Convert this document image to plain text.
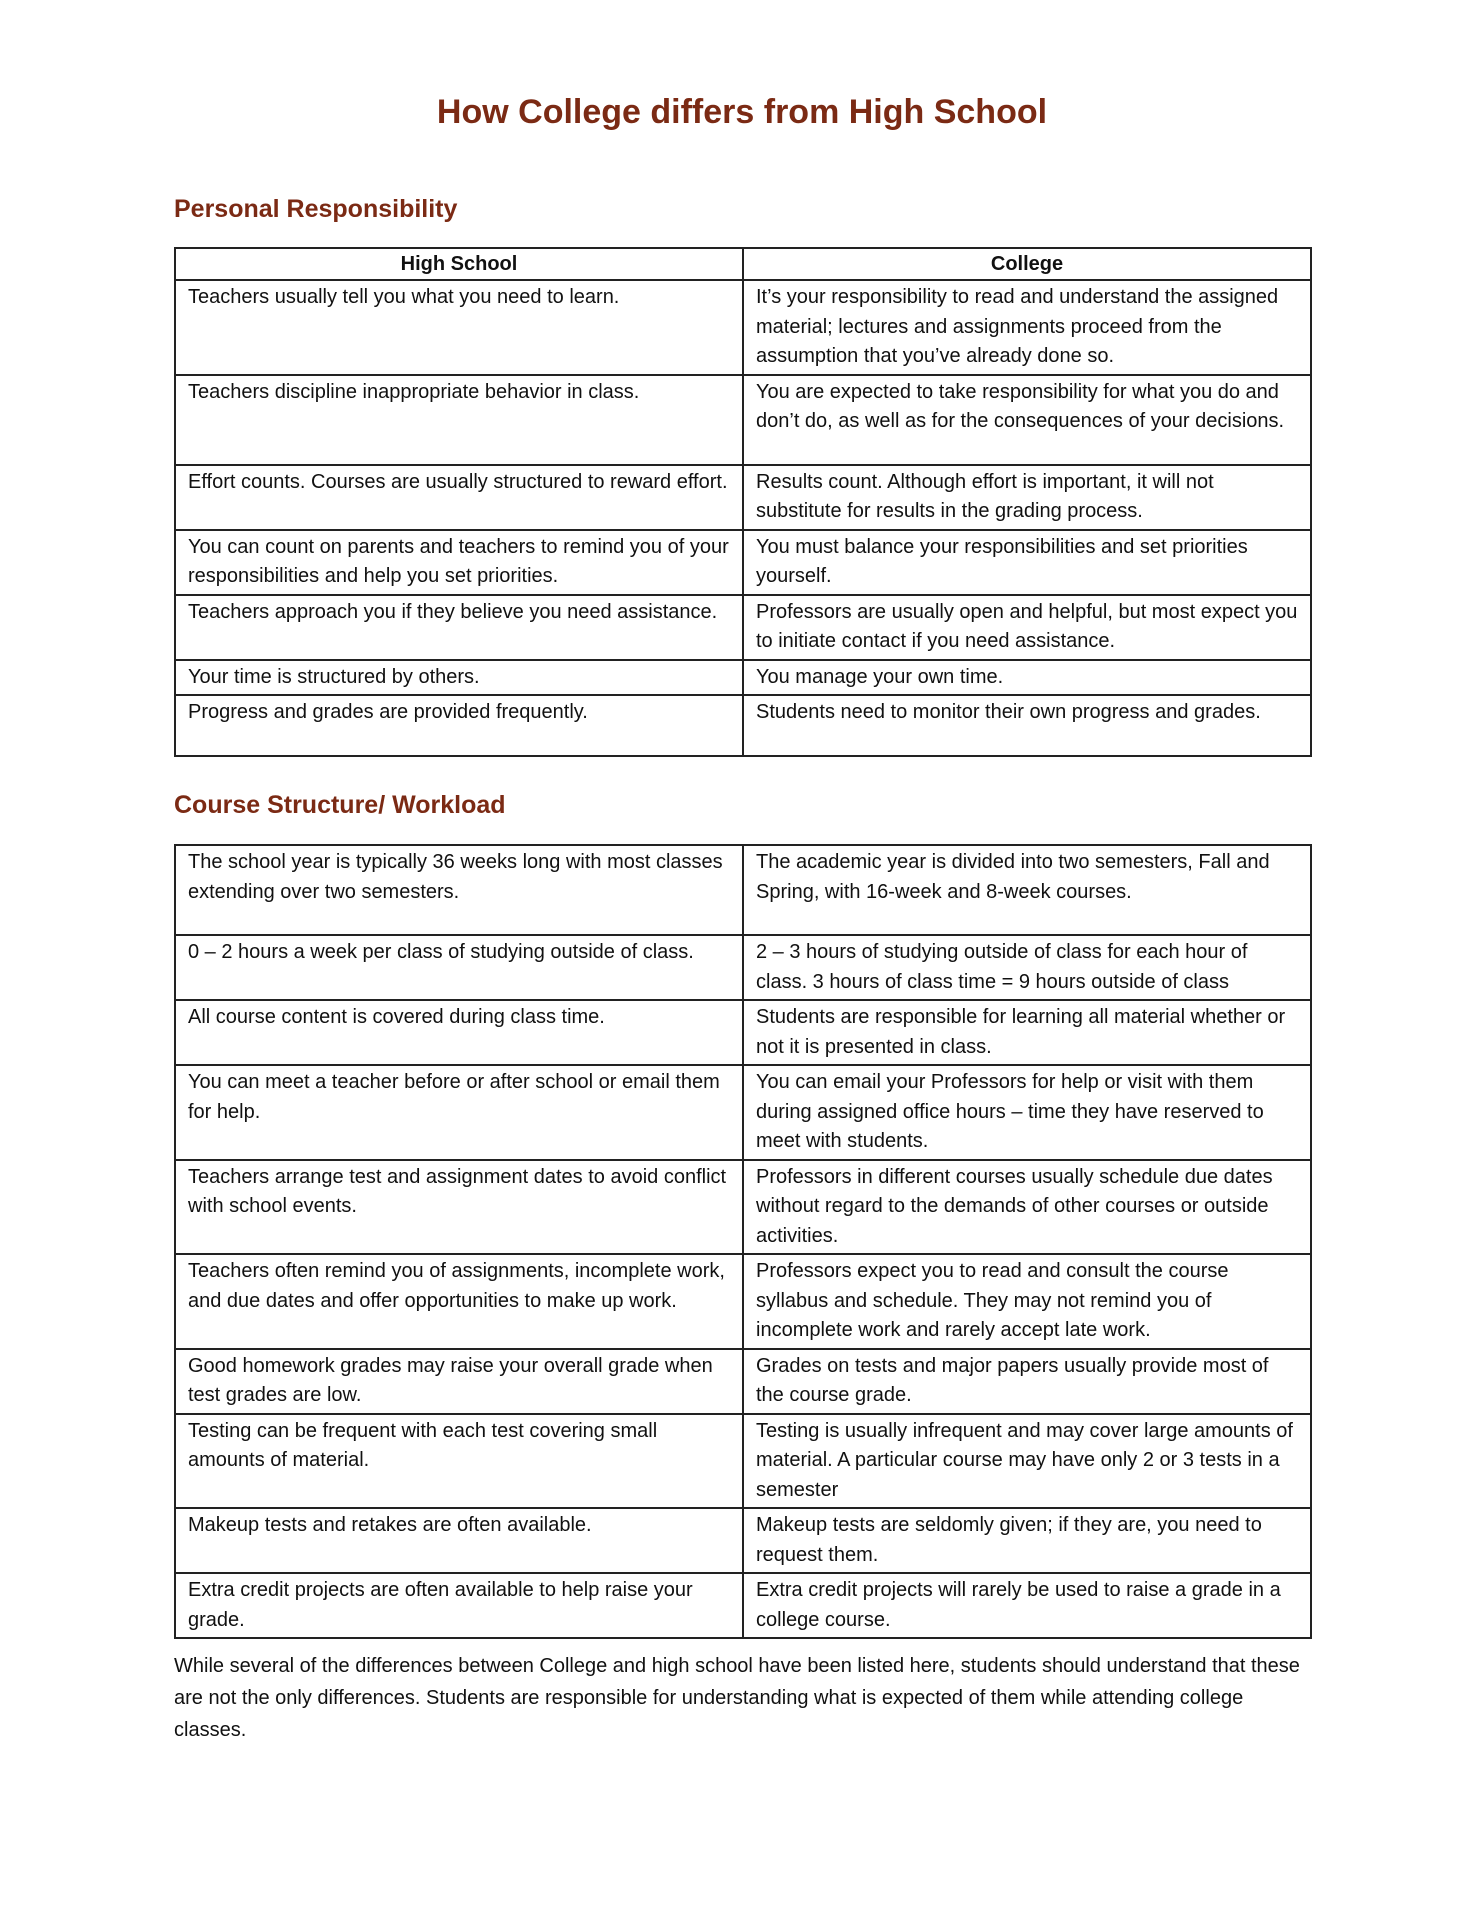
How College differs from High School
Personal Responsibility
High School	College
Teachers usually tell you what you need to learn.	It’s your responsibility to read and understand the assigned material; lectures and assignments proceed from the assumption that you’ve already done so.
Teachers discipline inappropriate behavior in class.	You are expected to take responsibility for what you do and don’t do, as well as for the consequences of your decisions.
Effort counts. Courses are usually structured to reward effort.	Results count. Although effort is important, it will not substitute for results in the grading process.
You can count on parents and teachers to remind you of your responsibilities and help you set priorities.	You must balance your responsibilities and set priorities yourself.
Teachers approach you if they believe you need assistance.	Professors are usually open and helpful, but most expect you to initiate contact if you need assistance.
Your time is structured by others.	You manage your own time.
Progress and grades are provided frequently.	Students need to monitor their own progress and grades.
Course Structure/ Workload
The school year is typically 36 weeks long with most classes extending over two semesters.	The academic year is divided into two semesters, Fall and Spring, with 16-week and 8-week courses.
0 – 2 hours a week per class of studying outside of class.	2 – 3 hours of studying outside of class for each hour of class. 3 hours of class time = 9 hours outside of class
All course content is covered during class time.	Students are responsible for learning all material whether or not it is presented in class.
You can meet a teacher before or after school or email them for help.	You can email your Professors for help or visit with them during assigned office hours – time they have reserved to meet with students.
Teachers arrange test and assignment dates to avoid conflict with school events.	Professors in different courses usually schedule due dates without regard to the demands of other courses or outside activities.
Teachers often remind you of assignments, incomplete work, and due dates and offer opportunities to make up work.	Professors expect you to read and consult the course syllabus and schedule. They may not remind you of incomplete work and rarely accept late work.
Good homework grades may raise your overall grade when test grades are low.	Grades on tests and major papers usually provide most of the course grade.
Testing can be frequent with each test covering small amounts of material.	Testing is usually infrequent and may cover large amounts of material. A particular course may have only 2 or 3 tests in a semester
Makeup tests and retakes are often available.	Makeup tests are seldomly given; if they are, you need to request them.
Extra credit projects are often available to help raise your grade.	Extra credit projects will rarely be used to raise a grade in a college course.

While several of the differences between College and high school have been listed here, students should understand that these are not the only differences. Students are responsible for understanding what is expected of them while attending college classes.
